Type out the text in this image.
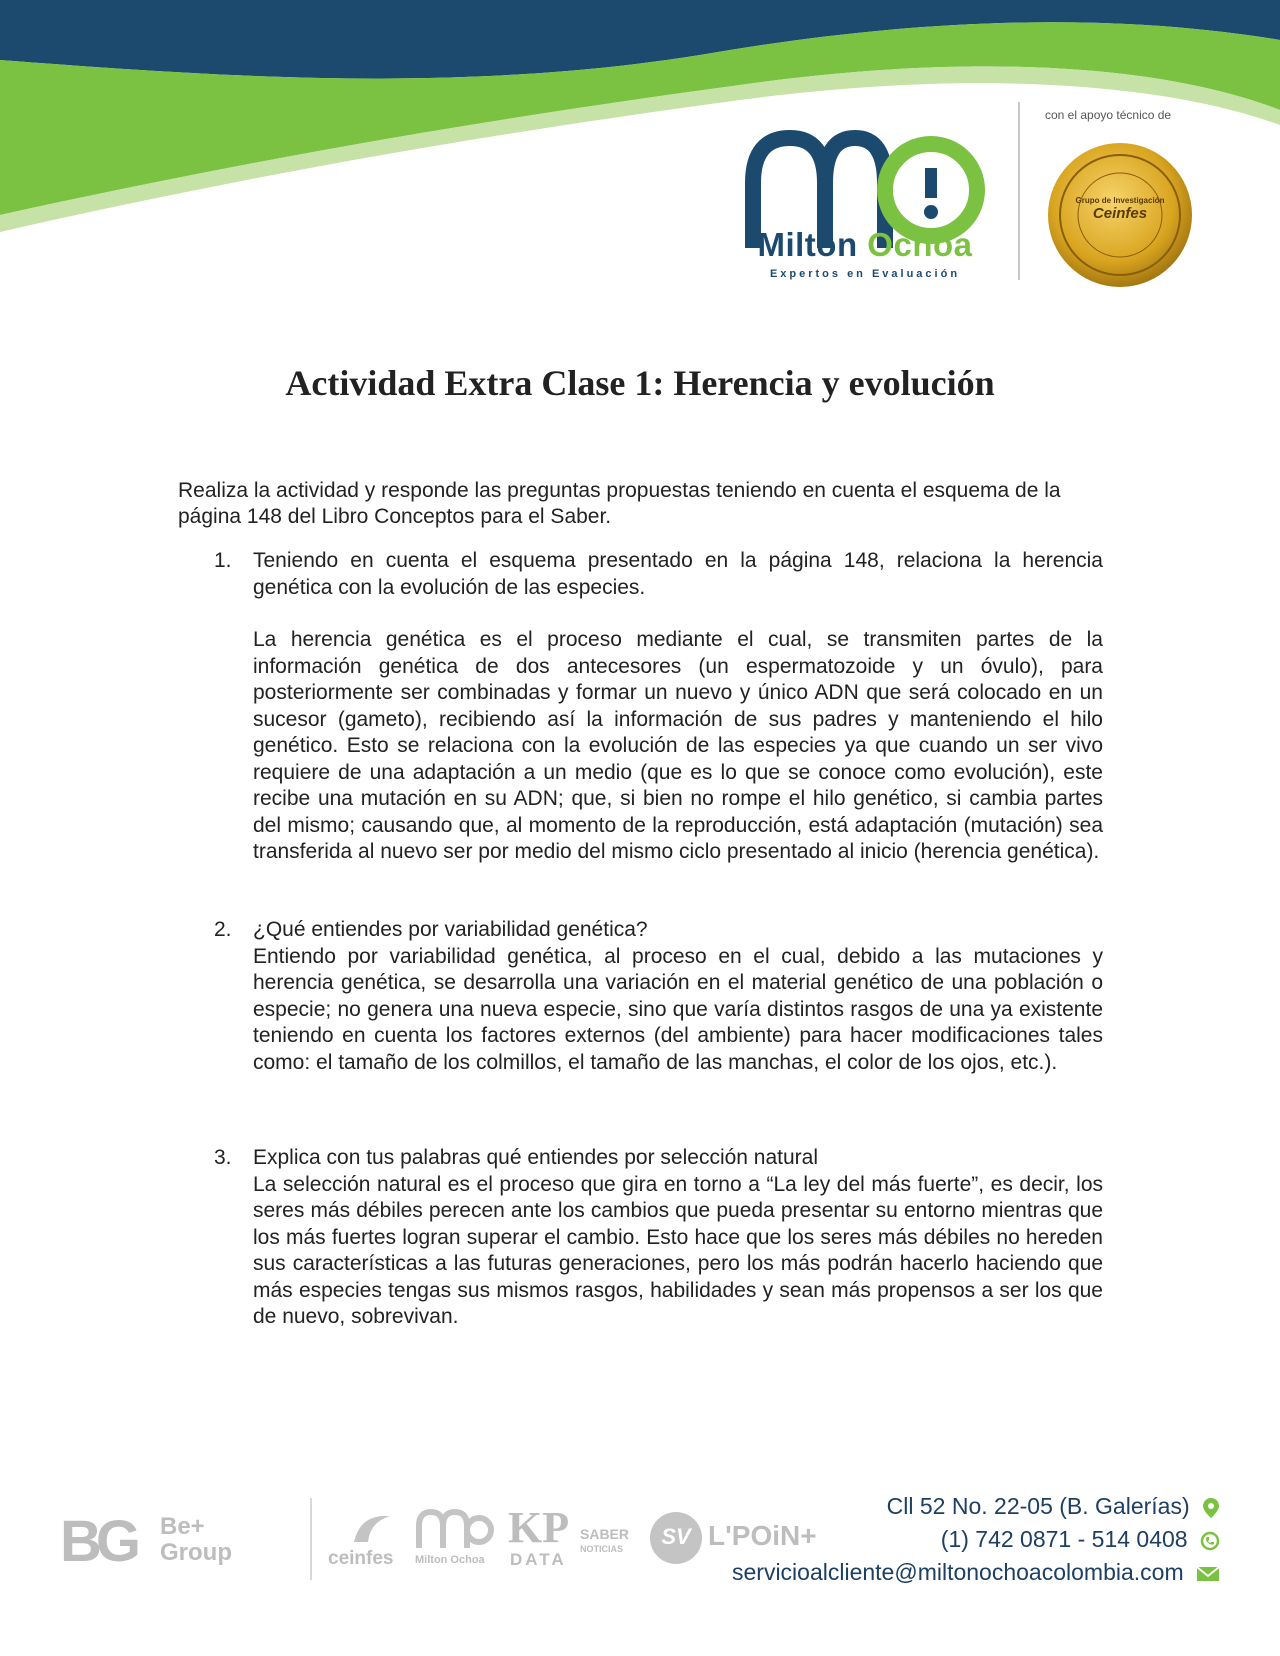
Milton Ochoa
Expertos en Evaluación
con el apoyo técnico de
Grupo de Investigación
Ceinfes
Actividad Extra Clase 1: Herencia y evolución
Realiza la actividad y responde las preguntas propuestas teniendo en cuenta el esquema de la página 148 del Libro Conceptos para el Saber.
1.	Teniendo en cuenta el esquema presentado en la página 148, relaciona la herencia genética con la evolución de las especies.

La herencia genética es el proceso mediante el cual, se transmiten partes de la información genética de dos antecesores (un espermatozoide y un óvulo), para posteriormente ser combinadas y formar un nuevo y único ADN que será colocado en un sucesor (gameto), recibiendo así la información de sus padres y manteniendo el hilo genético. Esto se relaciona con la evolución de las especies ya que cuando un ser vivo requiere de una adaptación a un medio (que es lo que se conoce como evolución), este recibe una mutación en su ADN; que, si bien no rompe el hilo genético, si cambia partes del mismo; causando que, al momento de la reproducción, está adaptación (mutación) sea transferida al nuevo ser por medio del mismo ciclo presentado al inicio (herencia genética).

2.	¿Qué entiendes por variabilidad genética?

Entiendo por variabilidad genética, al proceso en el cual, debido a las mutaciones y herencia genética, se desarrolla una variación en el material genético de una población o especie; no genera una nueva especie, sino que varía distintos rasgos de una ya existente teniendo en cuenta los factores externos (del ambiente) para hacer modificaciones tales como: el tamaño de los colmillos, el tamaño de las manchas, el color de los ojos, etc.).

3.	Explica con tus palabras qué entiendes por selección natural

La selección natural es el proceso que gira en torno a “La ley del más fuerte”, es decir, los seres más débiles perecen ante los cambios que pueda presentar su entorno mientras que los más fuertes logran superar el cambio. Esto hace que los seres más débiles no hereden sus características a las futuras generaciones, pero los más podrán hacerlo haciendo que más especies tengas sus mismos rasgos, habilidades y sean más propensos a ser los que de nuevo, sobrevivan.

BG Be+ Group	ceinfes Milton Ochoa
KP
DATA
SABER
NOTICIAS	SV L'POiN+
Cll 52 No. 22-05 (B. Galerías)
(1) 742 0871 - 514 0408
servicioalcliente@miltonochoacolombia.com
